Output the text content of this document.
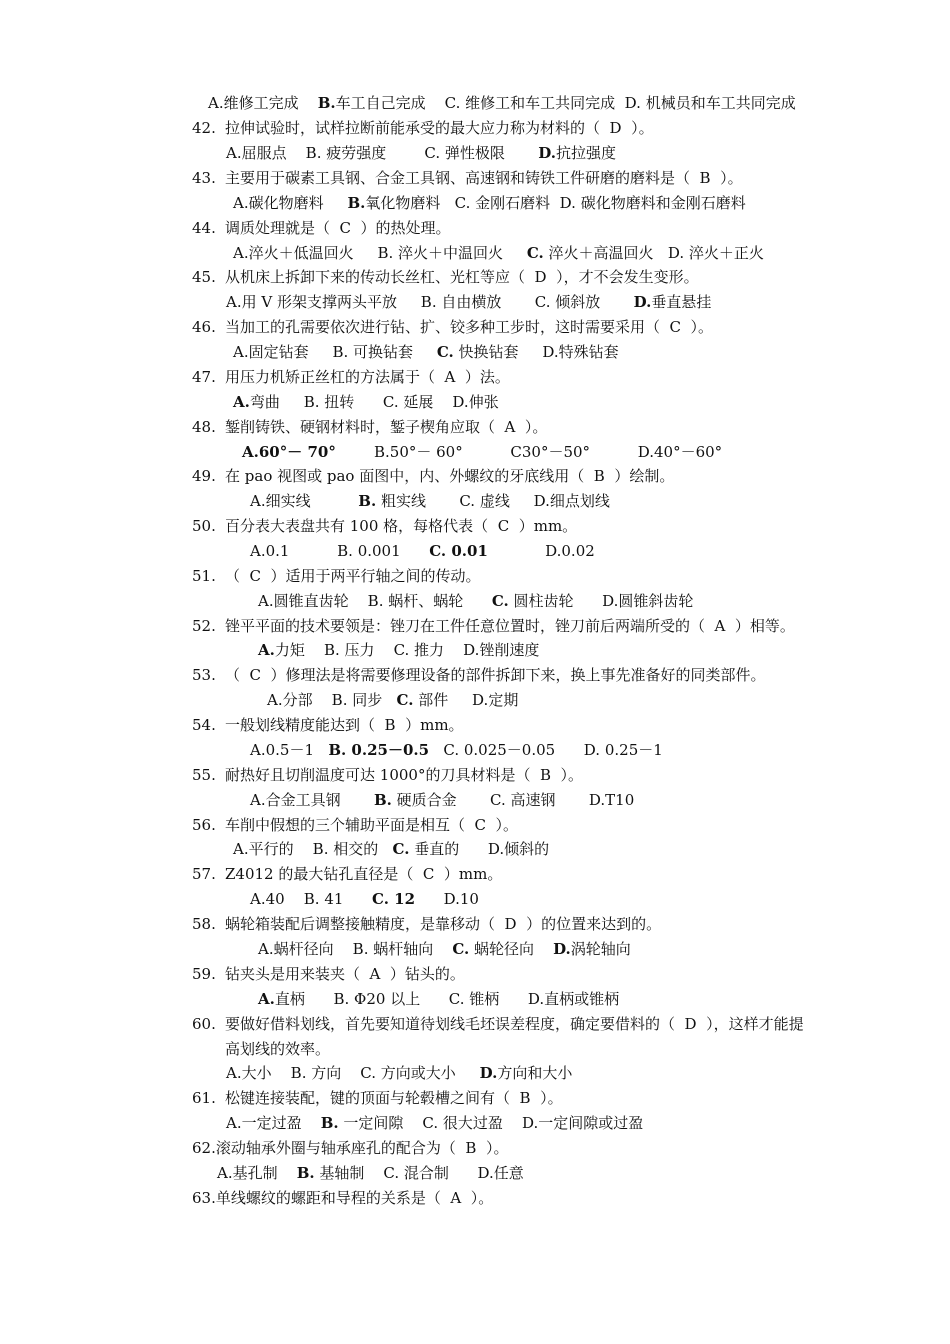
A.维修工完成    B.车工自己完成    C. 维修工和车工共同完成  D. 机械员和车工共同完成
42. 拉伸试验时，试样拉断前能承受的最大应力称为材料的（  D  ）。
A.屈服点    B. 疲劳强度        C. 弹性极限       D.抗拉强度
43. 主要用于碳素工具钢、合金工具钢、高速钢和铸铁工件研磨的磨料是（  B  ）。
A.碳化物磨料     B.氧化物磨料   C. 金刚石磨料  D. 碳化物磨料和金刚石磨料
44. 调质处理就是（  C  ）的热处理。
A.淬火＋低温回火     B. 淬火＋中温回火     C. 淬火＋高温回火   D. 淬火＋正火
45. 从机床上拆卸下来的传动长丝杠、光杠等应（  D  ），才不会发生变形。
A.用 V 形架支撑两头平放     B. 自由横放       C. 倾斜放       D.垂直悬挂
46. 当加工的孔需要依次进行钻、扩、铰多种工步时，这时需要采用（  C  ）。
A.固定钻套     B. 可换钻套     C. 快换钻套     D.特殊钻套
47. 用压力机矫正丝杠的方法属于（  A  ）法。
A.弯曲     B. 扭转      C. 延展    D.伸张
48. 錾削铸铁、硬钢材料时，錾子楔角应取（  A  ）。
A.60°－ 70°        B.50°－ 60°          C30°－50°          D.40°－60°
49. 在 pao 视图或 pao 面图中，内、外螺纹的牙底线用（  B  ）绘制。
A.细实线          B. 粗实线       C. 虚线     D.细点划线
50. 百分表大表盘共有 100 格，每格代表（  C  ）mm。
A.0.1          B. 0.001      C. 0.01            D.0.02
51. （  C  ）适用于两平行轴之间的传动。
A.圆锥直齿轮    B. 蜗杆、蜗轮      C. 圆柱齿轮      D.圆锥斜齿轮
52. 锉平平面的技术要领是：锉刀在工件任意位置时，锉刀前后两端所受的（  A  ）相等。
A.力矩    B. 压力    C. 推力    D.锉削速度
53. （  C  ）修理法是将需要修理设备的部件拆卸下来，换上事先准备好的同类部件。
A.分部    B. 同步   C. 部件     D.定期
54. 一般划线精度能达到（  B  ）mm。
A.0.5－1   B. 0.25－0.5   C. 0.025－0.05      D. 0.25－1
55. 耐热好且切削温度可达 1000°的刀具材料是（  B  ）。
A.合金工具钢       B. 硬质合金       C. 高速钢       D.T10
56. 车削中假想的三个辅助平面是相互（  C  ）。
A.平行的    B. 相交的   C. 垂直的      D.倾斜的
57. Z4012 的最大钻孔直径是（  C  ）mm。
A.40    B. 41      C. 12      D.10
58. 蜗轮箱装配后调整接触精度，是靠移动（  D  ）的位置来达到的。
A.蜗杆径向    B. 蜗杆轴向    C. 蜗轮径向    D.涡轮轴向
59. 钻夹头是用来装夹（  A  ）钻头的。
A.直柄      B. Φ20 以上      C. 锥柄      D.直柄或锥柄
60. 要做好借料划线，首先要知道待划线毛坯误差程度，确定要借料的（  D  ），这样才能提
高划线的效率。
A.大小    B. 方向    C. 方向或大小     D.方向和大小
61. 松键连接装配，键的顶面与轮毂槽之间有（  B  ）。
A.一定过盈    B. 一定间隙    C. 很大过盈    D.一定间隙或过盈
62.滚动轴承外圈与轴承座孔的配合为（  B  ）。
A.基孔制    B. 基轴制    C. 混合制      D.任意
63.单线螺纹的螺距和导程的关系是（  A  ）。
